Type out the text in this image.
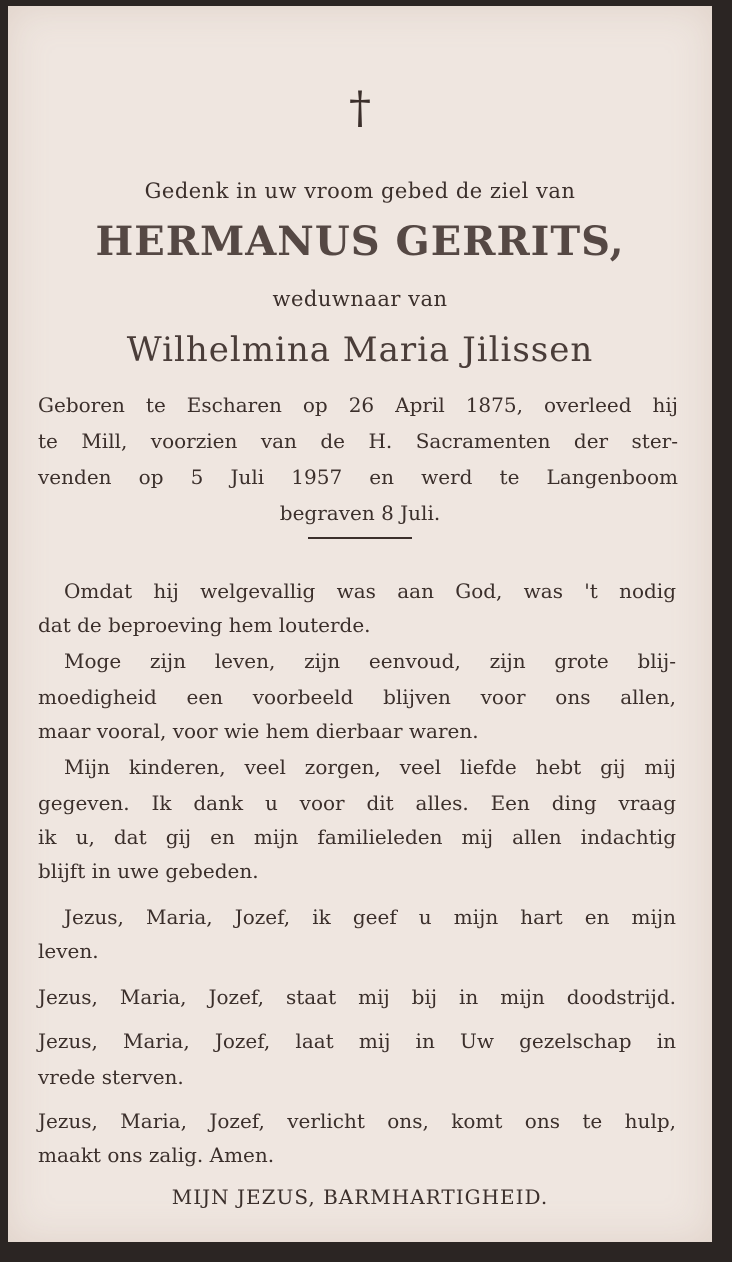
†

Gedenk in uw vroom gebed de ziel van

HERMANUS GERRITS,

weduwnaar van

Wilhelmina Maria Jilissen

Geboren te Escharen op 26 April 1875, overleed hij

te Mill, voorzien van de H. Sacramenten der ster-

venden op 5 Juli 1957 en werd te Langenboom

begraven 8 Juli.

Omdat hij welgevallig was aan God, was 't nodig

dat de beproeving hem louterde.

Moge zijn leven, zijn eenvoud, zijn grote blij-

moedigheid een voorbeeld blijven voor ons allen,

maar vooral, voor wie hem dierbaar waren.

Mijn kinderen, veel zorgen, veel liefde hebt gij mij

gegeven. Ik dank u voor dit alles. Een ding vraag

ik u, dat gij en mijn familieleden mij allen indachtig

blijft in uwe gebeden.

Jezus, Maria, Jozef, ik geef u mijn hart en mijn

leven.

Jezus, Maria, Jozef, staat mij bij in mijn doodstrijd.

Jezus, Maria, Jozef, laat mij in Uw gezelschap in

vrede sterven.

Jezus, Maria, Jozef, verlicht ons, komt ons te hulp,

maakt ons zalig. Amen.

MIJN JEZUS, BARMHARTIGHEID.
